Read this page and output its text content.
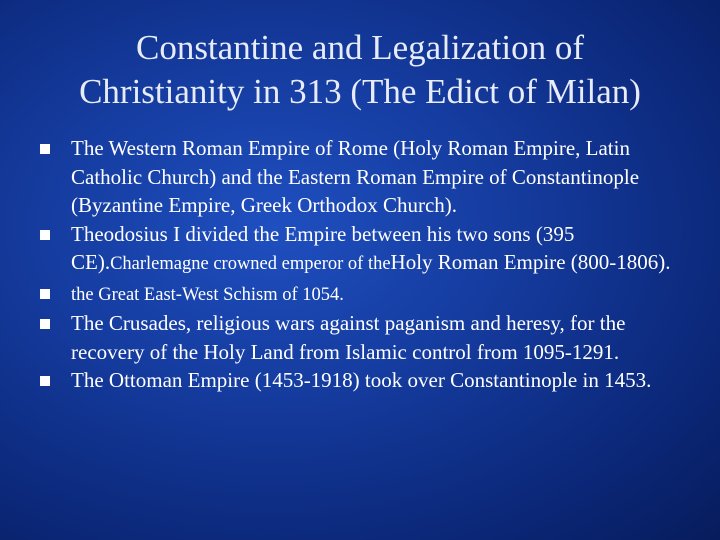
Constantine and Legalization of
Christianity in 313 (The Edict of Milan)
The Western Roman Empire of Rome (Holy Roman Empire, Latin Catholic Church) and the Eastern Roman Empire of Constantinople (Byzantine Empire, Greek Orthodox Church).
Theodosius I divided the Empire between his two sons (395 CE).Charlemagne crowned emperor of theHoly Roman Empire (800-1806).
the Great East-West Schism of 1054.
The Crusades, religious wars against paganism and heresy, for the recovery of the Holy Land from Islamic control from 1095-1291.
The Ottoman Empire (1453-1918) took over Constantinople in 1453.
